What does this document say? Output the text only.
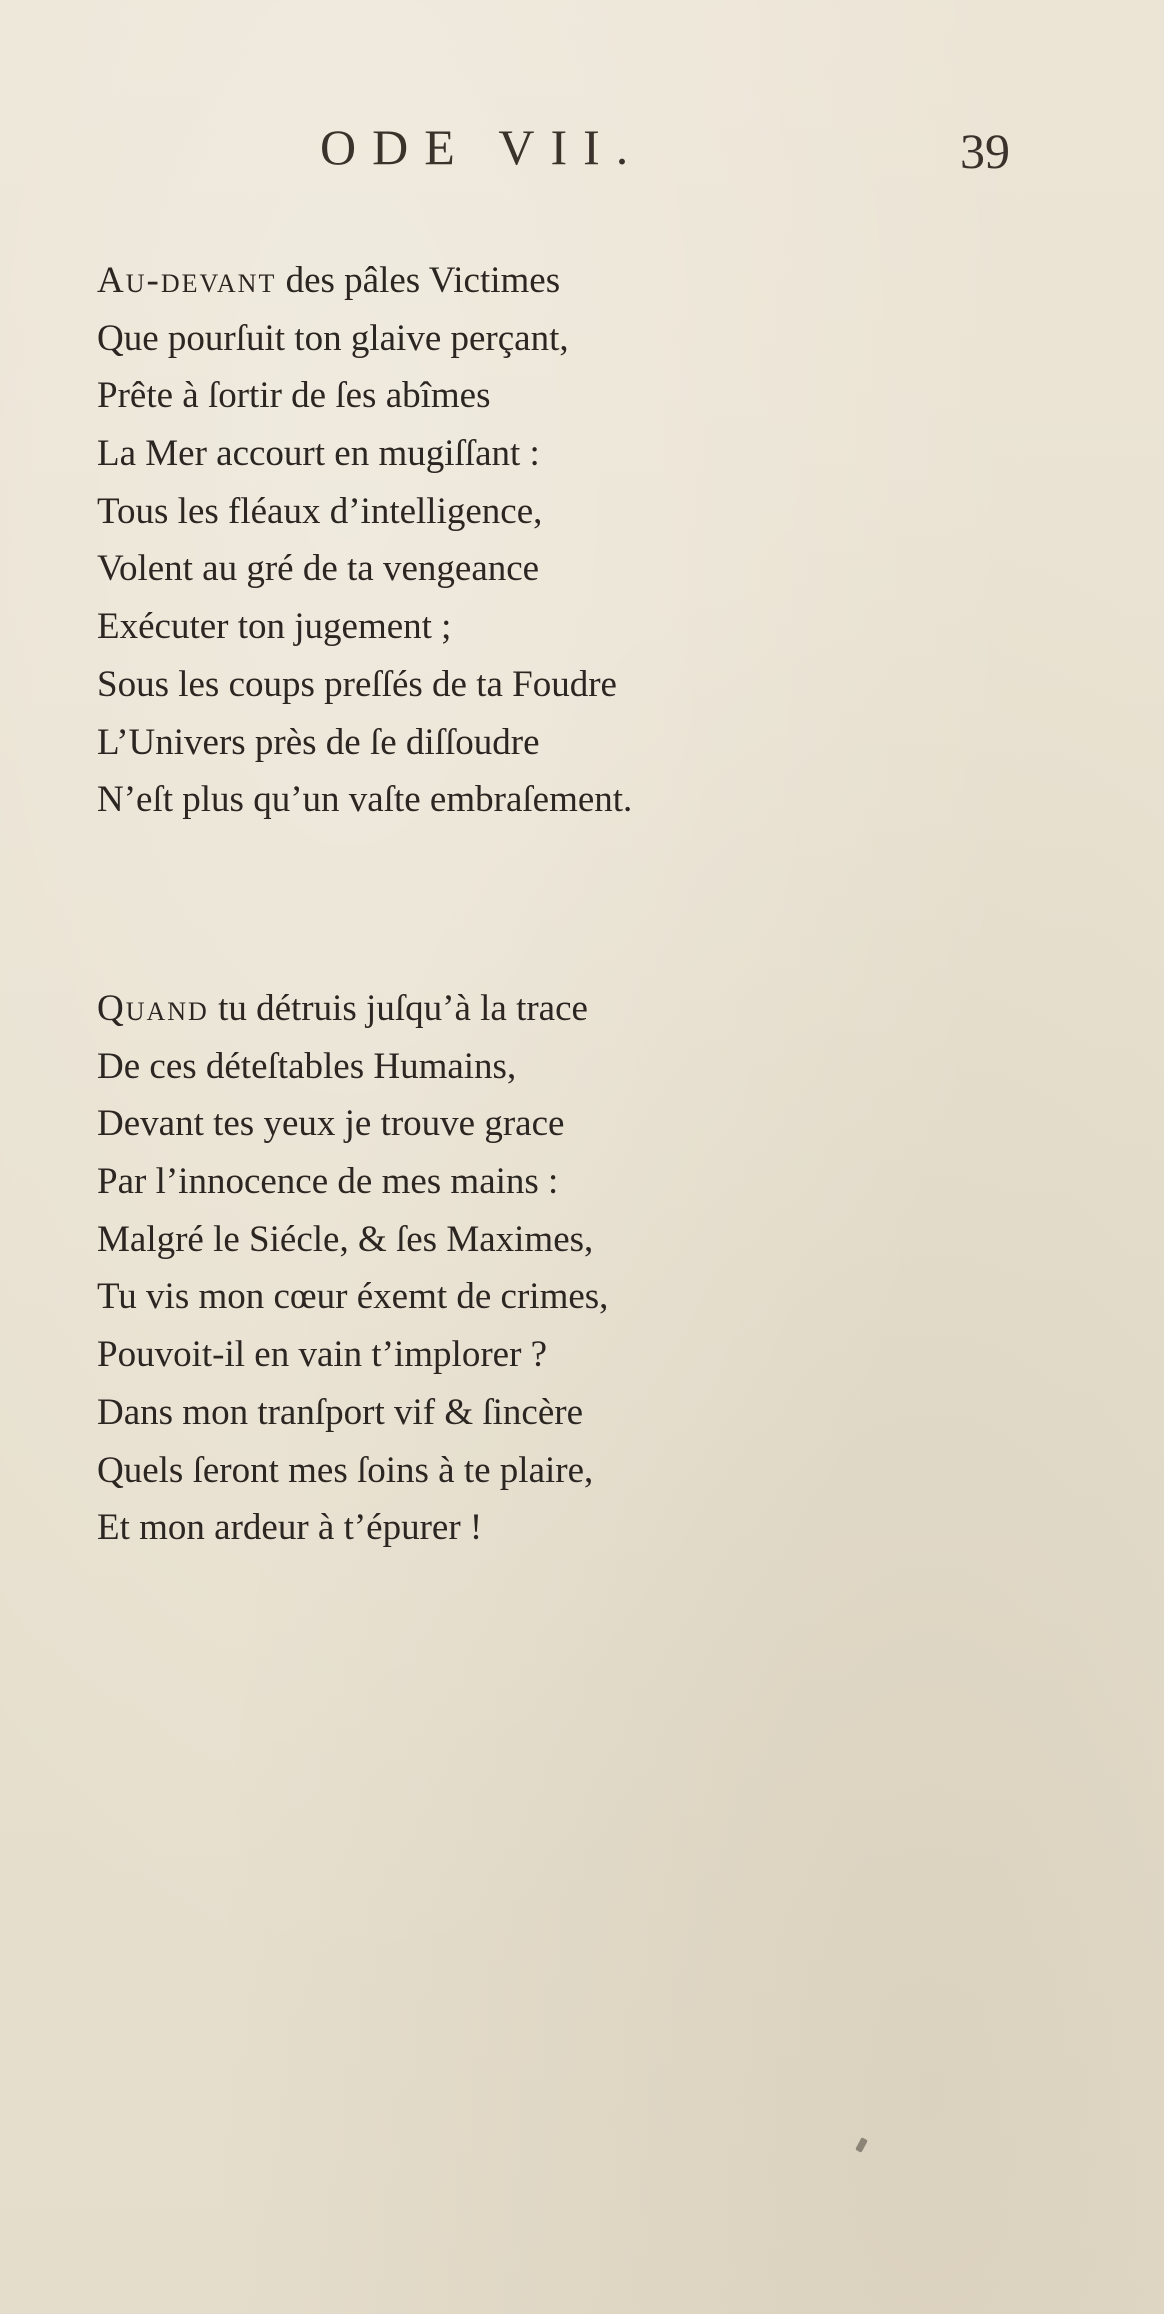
ODE VII.	39
Au-devant des pâles Victimes
Que pourſuit ton glaive perçant,
Prête à ſortir de ſes abîmes
La Mer accourt en mugiſſant :
Tous les fléaux d’intelligence,
Volent au gré de ta vengeance
Exécuter ton jugement ;
Sous les coups preſſés de ta Foudre
L’Univers près de ſe diſſoudre
N’eſt plus qu’un vaſte embraſement.
Quand tu détruis juſqu’à la trace
De ces déteſtables Humains,
Devant tes yeux je trouve grace
Par l’innocence de mes mains :
Malgré le Siécle, & ſes Maximes,
Tu vis mon cœur éxemt de crimes,
Pouvoit-il en vain t’implorer ?
Dans mon tranſport vif & ſincère
Quels ſeront mes ſoins à te plaire,
Et mon ardeur à t’épurer !
